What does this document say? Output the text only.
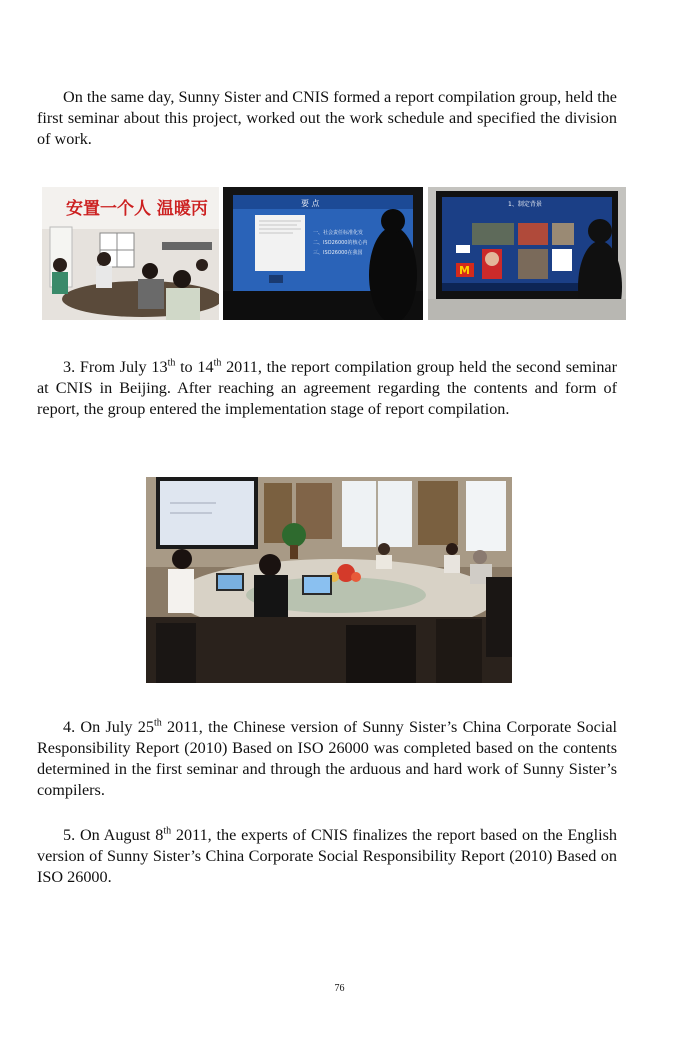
On the same day, Sunny Sister and CNIS formed a report compilation group, held the first seminar about this project, worked out the work schedule and specified the division of work.

安置一个人 温暖丙	要 点
一、社会责任标准化发
二、ISO26000的核心内
三、ISO26000在我国
1、制定背景
M

3. From July 13th to 14th 2011, the report compilation group held the second seminar at CNIS in Beijing. After reaching an agreement regarding the contents and form of report, the group entered the implementation stage of report compilation.

4. On July 25th 2011, the Chinese version of Sunny Sister’s China Corporate Social Responsibility Report (2010) Based on ISO 26000 was completed based on the contents determined in the first seminar and through the arduous and hard work of Sunny Sister’s compilers.

5. On August 8th 2011, the experts of CNIS finalizes the report based on the English version of Sunny Sister’s China Corporate Social Responsibility Report (2010) Based on ISO 26000.

76
